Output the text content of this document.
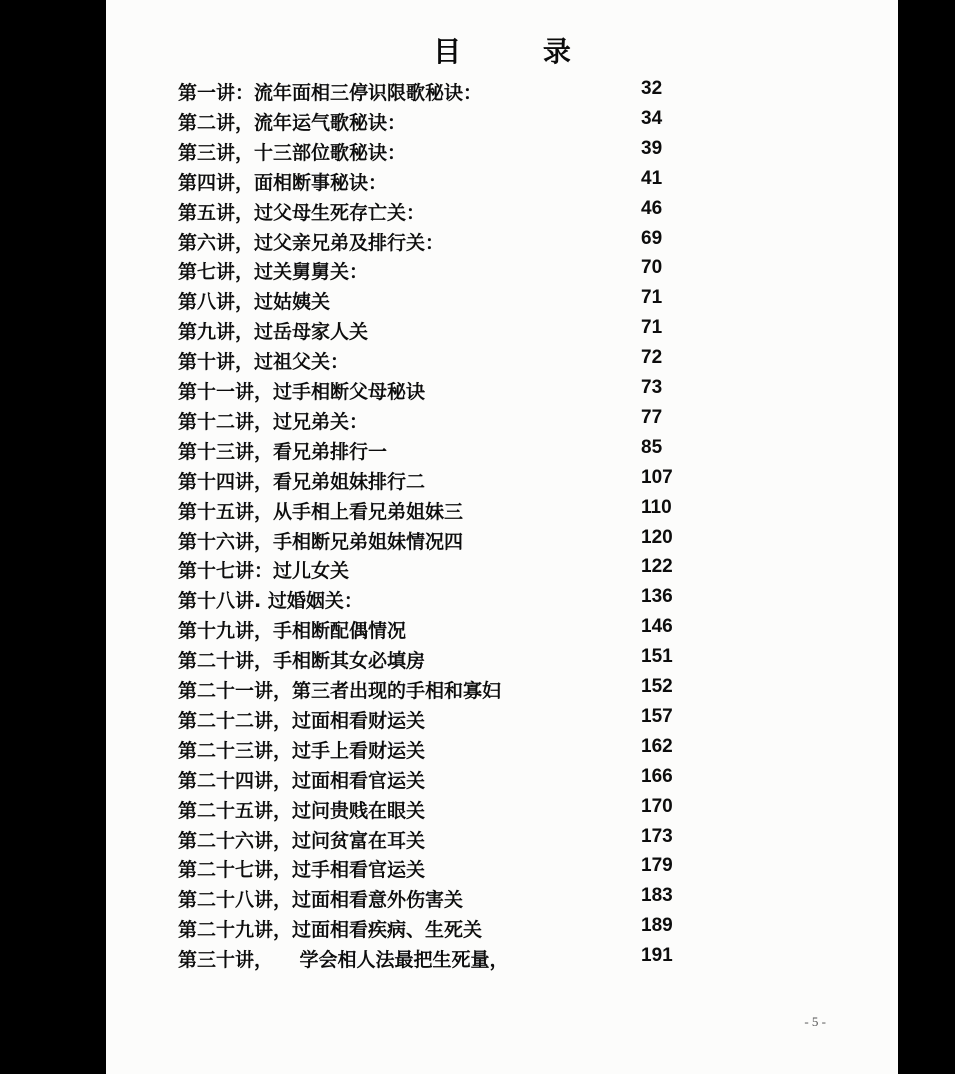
目 录
第一讲：流年面相三停识限歌秘诀：	32
第二讲，流年运气歌秘诀：	34
第三讲，十三部位歌秘诀：	39
第四讲，面相断事秘诀：	41
第五讲，过父母生死存亡关：	46
第六讲，过父亲兄弟及排行关：	69
第七讲，过关舅舅关：	70
第八讲，过姑姨关	71
第九讲，过岳母家人关	71
第十讲，过祖父关：	72
第十一讲，过手相断父母秘诀	73
第十二讲，过兄弟关：	77
第十三讲，看兄弟排行一	85
第十四讲，看兄弟姐妹排行二	107
第十五讲，从手相上看兄弟姐妹三	110
第十六讲，手相断兄弟姐妹情况四	120
第十七讲：过儿女关	122
第十八讲. 过婚姻关：	136
第十九讲，手相断配偶情况	146
第二十讲，手相断其女必填房	151
第二十一讲，第三者出现的手相和寡妇	152
第二十二讲，过面相看财运关	157
第二十三讲，过手上看财运关	162
第二十四讲，过面相看官运关	166
第二十五讲，过问贵贱在眼关	170
第二十六讲，过问贫富在耳关	173
第二十七讲，过手相看官运关	179
第二十八讲，过面相看意外伤害关	183
第二十九讲，过面相看疾病、生死关	189
第三十讲，    学会相人法最把生死量，	191
- 5 -
